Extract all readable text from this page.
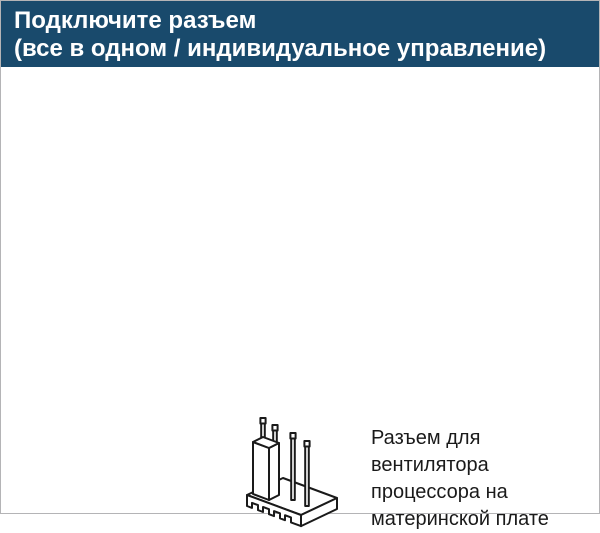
Подключите разъем
(все в одном / индивидуальное управление)
Разъем для
вентилятора
процессора на
материнской плате
